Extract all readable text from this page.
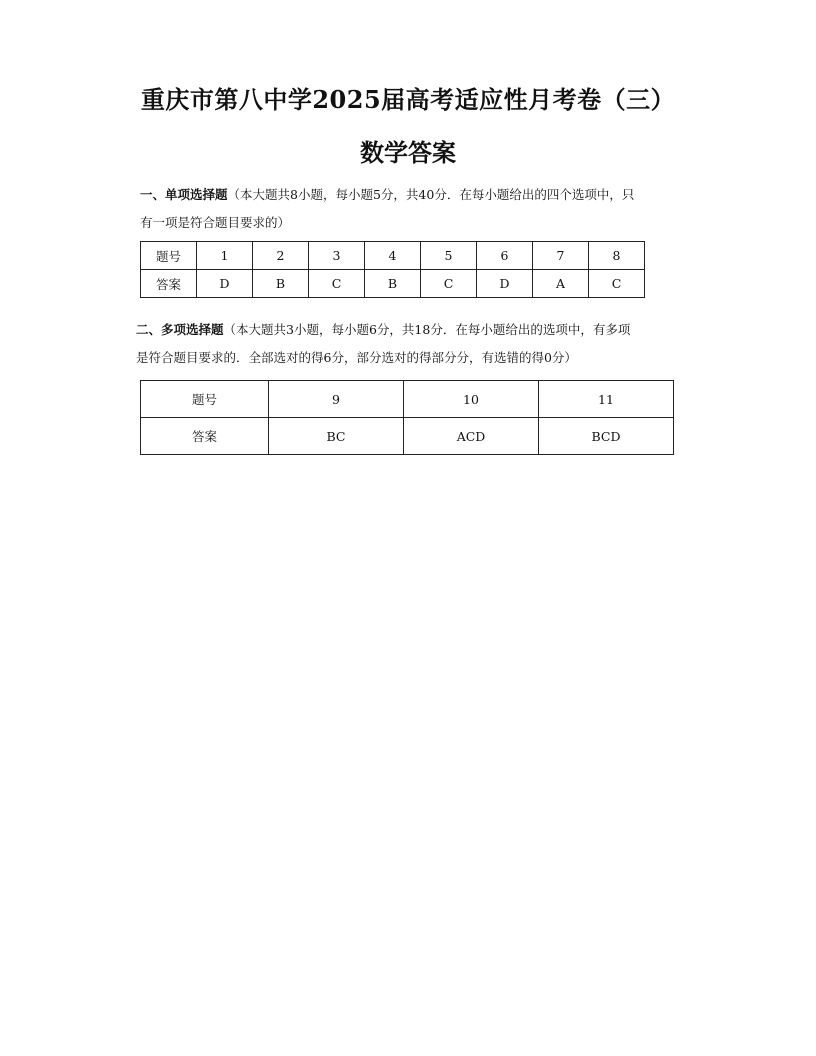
重庆市第八中学2025届高考适应性月考卷（三）
数学答案
一、单项选择题（本大题共8小题，每小题5分，共40分．在每小题给出的四个选项中，只
有一项是符合题目要求的）
题号	1	2	3	4	5	6	7	8
答案	D	B	C	B	C	D	A	C
二、多项选择题（本大题共3小题，每小题6分，共18分．在每小题给出的选项中，有多项
是符合题目要求的．全部选对的得6分，部分选对的得部分分，有选错的得0分）
题号	9	10	11
答案	BC	ACD	BCD
